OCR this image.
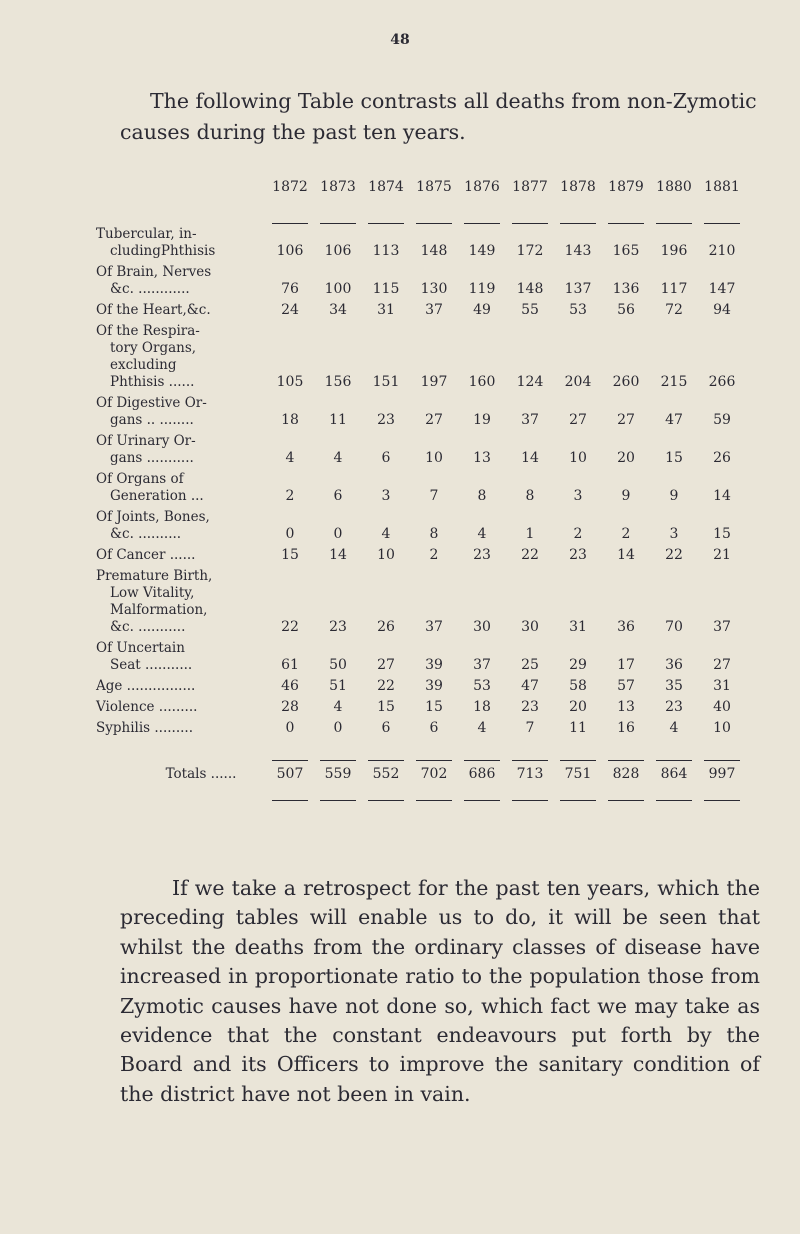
48

The following Table contrasts all deaths from non-Zymotic causes during the past ten years.

	1872	1873	1874	1875	1876	1877	1878	1879	1880	1881

Tubercular, in-
cludingPhthisis	106	106	113	148	149	172	143	165	196	210

Of Brain, Nerves
&c. ............	76	100	115	130	119	148	137	136	117	147

Of the Heart,&c.	24	34	31	37	49	55	53	56	72	94

Of the Respira-
tory Organs,
excluding
Phthisis ......	105	156	151	197	160	124	204	260	215	266

Of Digestive Or-
gans .. ........	18	11	23	27	19	37	27	27	47	59

Of Urinary Or-
gans ...........	4	4	6	10	13	14	10	20	15	26

Of Organs of
Generation ...	2	6	3	7	8	8	3	9	9	14

Of Joints, Bones,
&c. ..........	0	0	4	8	4	1	2	2	3	15

Of Cancer ......	15	14	10	2	23	22	23	14	22	21

Premature Birth,
Low Vitality,
Malformation,
&c. ...........	22	23	26	37	30	30	31	36	70	37

Of Uncertain
Seat ...........	61	50	27	39	37	25	29	17	36	27

Age ................	46	51	22	39	53	47	58	57	35	31

Violence .........	28	4	15	15	18	23	20	13	23	40

Syphilis .........	0	0	6	6	4	7	11	16	4	10

Totals ......	507	559	552	702	686	713	751	828	864	997

If we take a retrospect for the past ten years, which the preceding tables will enable us to do, it will be seen that whilst the deaths from the ordinary classes of disease have increased in proportionate ratio to the population those from Zymotic causes have not done so, which fact we may take as evidence that the constant endeavours put forth by the Board and its Officers to improve the sanitary condition of the district have not been in vain.
